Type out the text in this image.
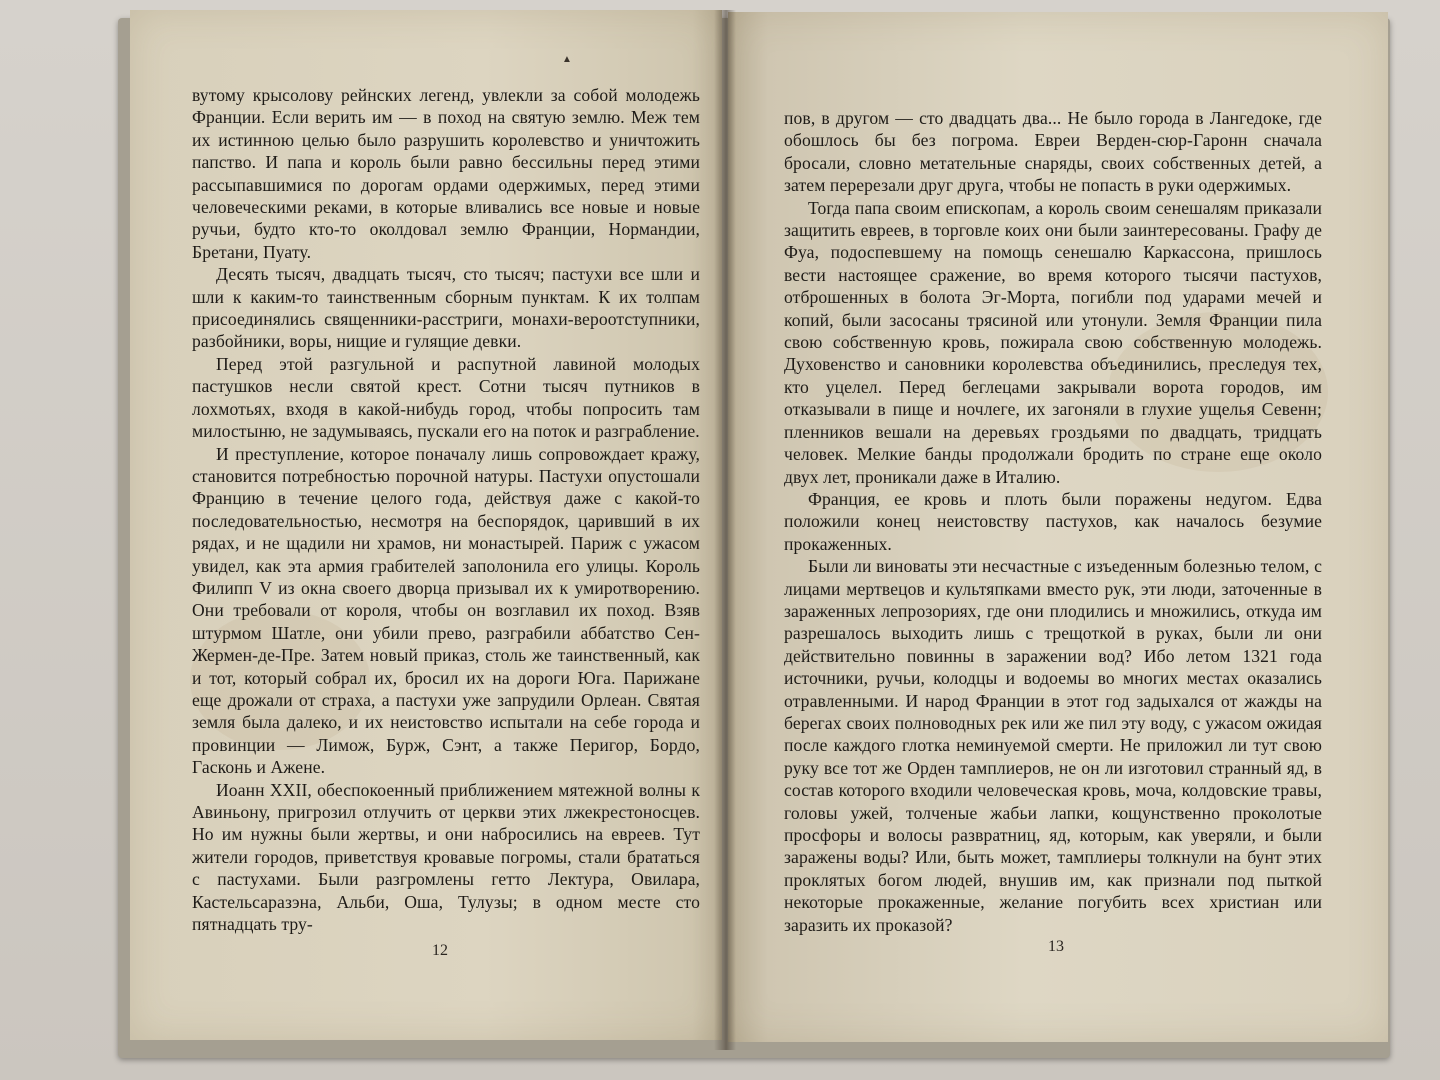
▲

вутому крысолову рейнских легенд, увлекли за собой молодежь Франции. Если верить им — в поход на святую землю. Меж тем их истинною целью было разрушить королевство и уничтожить папство. И папа и король были равно бессильны перед этими рассыпавшимися по дорогам ордами одержимых, перед этими человеческими реками, в которые вливались все новые и новые ручьи, будто кто-то околдовал землю Франции, Нормандии, Бретани, Пуату.

Десять тысяч, двадцать тысяч, сто тысяч; пастухи все шли и шли к каким-то таинственным сборным пунктам. К их толпам присоединялись священники-расстриги, монахи-вероотступники, разбойники, воры, нищие и гулящие девки.

Перед этой разгульной и распутной лавиной молодых пастушков несли святой крест. Сотни тысяч путников в лохмотьях, входя в какой-нибудь город, чтобы попросить там милостыню, не задумываясь, пускали его на поток и разграбление.

И преступление, которое поначалу лишь сопровождает кражу, становится потребностью порочной натуры. Пастухи опустошали Францию в течение целого года, действуя даже с какой-то последовательностью, несмотря на беспорядок, царивший в их рядах, и не щадили ни храмов, ни монастырей. Париж с ужасом увидел, как эта армия грабителей заполонила его улицы. Король Филипп V из окна своего дворца призывал их к умиротворению. Они требовали от короля, чтобы он возглавил их поход. Взяв штурмом Шатле, они убили прево, разграбили аббатство Сен-Жермен-де-Пре. Затем новый приказ, столь же таинственный, как и тот, который собрал их, бросил их на дороги Юга. Парижане еще дрожали от страха, а пастухи уже запрудили Орлеан. Святая земля была далеко, и их неистовство испытали на себе города и провинции — Лимож, Бурж, Сэнт, а также Перигор, Бордо, Гасконь и Ажене.

Иоанн XXII, обеспокоенный приближением мятежной волны к Авиньону, пригрозил отлучить от церкви этих лжекрестоносцев. Но им нужны были жертвы, и они набросились на евреев. Тут жители городов, приветствуя кровавые погромы, стали брататься с пастухами. Были разгромлены гетто Лектура, Овилара, Кастельсаразэна, Альби, Оша, Тулузы; в одном месте сто пятнадцать тру-

12

пов, в другом — сто двадцать два... Не было города в Лангедоке, где обошлось бы без погрома. Евреи Верден-сюр-Гаронн сначала бросали, словно метательные снаряды, своих собственных детей, а затем перерезали друг друга, чтобы не попасть в руки одержимых.

Тогда папа своим епископам, а король своим сенешалям приказали защитить евреев, в торговле коих они были заинтересованы. Графу де Фуа, подоспевшему на помощь сенешалю Каркассона, пришлось вести настоящее сражение, во время которого тысячи пастухов, отброшенных в болота Эг-Морта, погибли под ударами мечей и копий, были засосаны трясиной или утонули. Земля Франции пила свою собственную кровь, пожирала свою собственную молодежь. Духовенство и сановники королевства объединились, преследуя тех, кто уцелел. Перед беглецами закрывали ворота городов, им отказывали в пище и ночлеге, их загоняли в глухие ущелья Севенн; пленников вешали на деревьях гроздьями по двадцать, тридцать человек. Мелкие банды продолжали бродить по стране еще около двух лет, проникали даже в Италию.

Франция, ее кровь и плоть были поражены недугом. Едва положили конец неистовству пастухов, как началось безумие прокаженных.

Были ли виноваты эти несчастные с изъеденным болезнью телом, с лицами мертвецов и культяпками вместо рук, эти люди, заточенные в зараженных лепрозориях, где они плодились и множились, откуда им разрешалось выходить лишь с трещоткой в руках, были ли они действительно повинны в заражении вод? Ибо летом 1321 года источники, ручьи, колодцы и водоемы во многих местах оказались отравленными. И народ Франции в этот год задыхался от жажды на берегах своих полноводных рек или же пил эту воду, с ужасом ожидая после каждого глотка неминуемой смерти. Не приложил ли тут свою руку все тот же Орден тамплиеров, не он ли изготовил странный яд, в состав которого входили человеческая кровь, моча, колдовские травы, головы ужей, толченые жабьи лапки, кощунственно проколотые просфоры и волосы развратниц, яд, которым, как уверяли, и были заражены воды? Или, быть может, тамплиеры толкнули на бунт этих проклятых богом людей, внушив им, как признали под пыткой некоторые прокаженные, желание погубить всех христиан или заразить их проказой?

13
